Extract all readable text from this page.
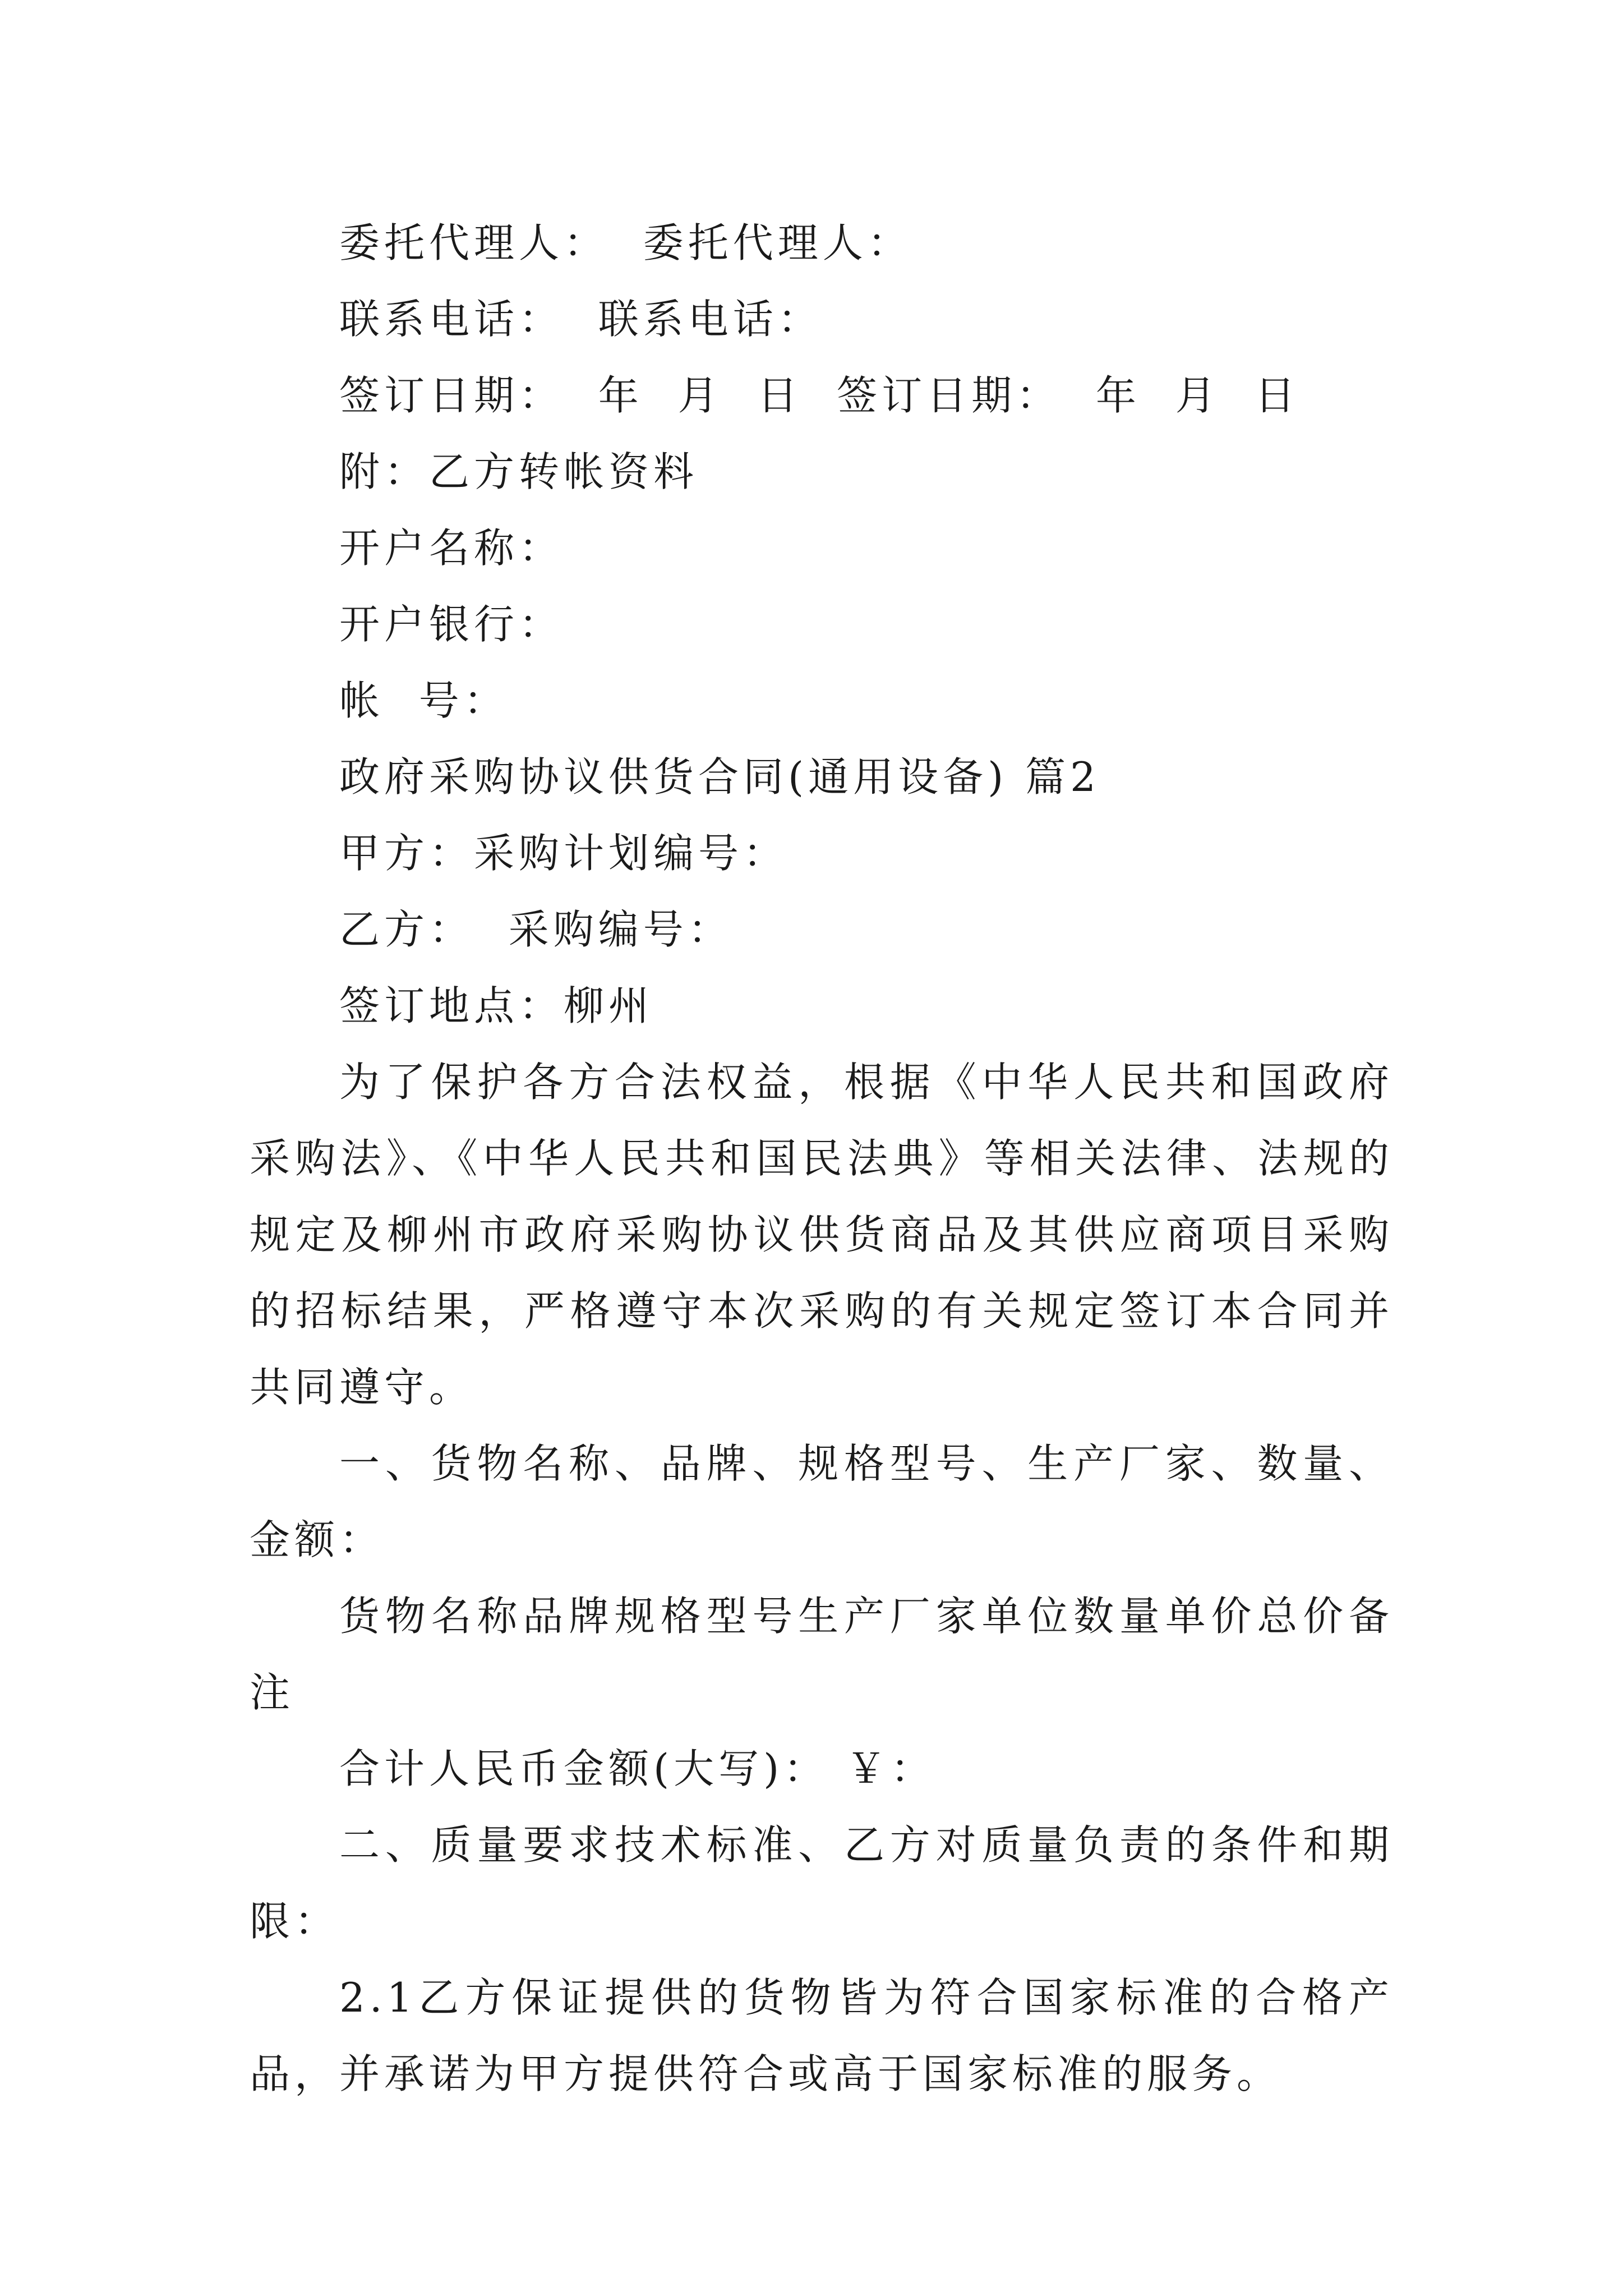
委托代理人：  委托代理人：

联系电话：  联系电话：

签订日期：  年  月  日  签订日期：  年  月  日

附：乙方转帐资料

开户名称：

开户银行：

帐  号：

政府采购协议供货合同(通用设备) 篇2

甲方：采购计划编号：

乙方：  采购编号：

签订地点：柳州

为了保护各方合法权益，根据《中华人民共和国政府采购法》、《中华人民共和国民法典》等相关法律、法规的规定及柳州市政府采购协议供货商品及其供应商项目采购的招标结果，严格遵守本次采购的有关规定签订本合同并共同遵守。

一、货物名称、品牌、规格型号、生产厂家、数量、金额：

货物名称品牌规格型号生产厂家单位数量单价总价备注

合计人民币金额(大写)： ￥：

二、质量要求技术标准、乙方对质量负责的条件和期限：

2.1乙方保证提供的货物皆为符合国家标准的合格产品，并承诺为甲方提供符合或高于国家标准的服务。
